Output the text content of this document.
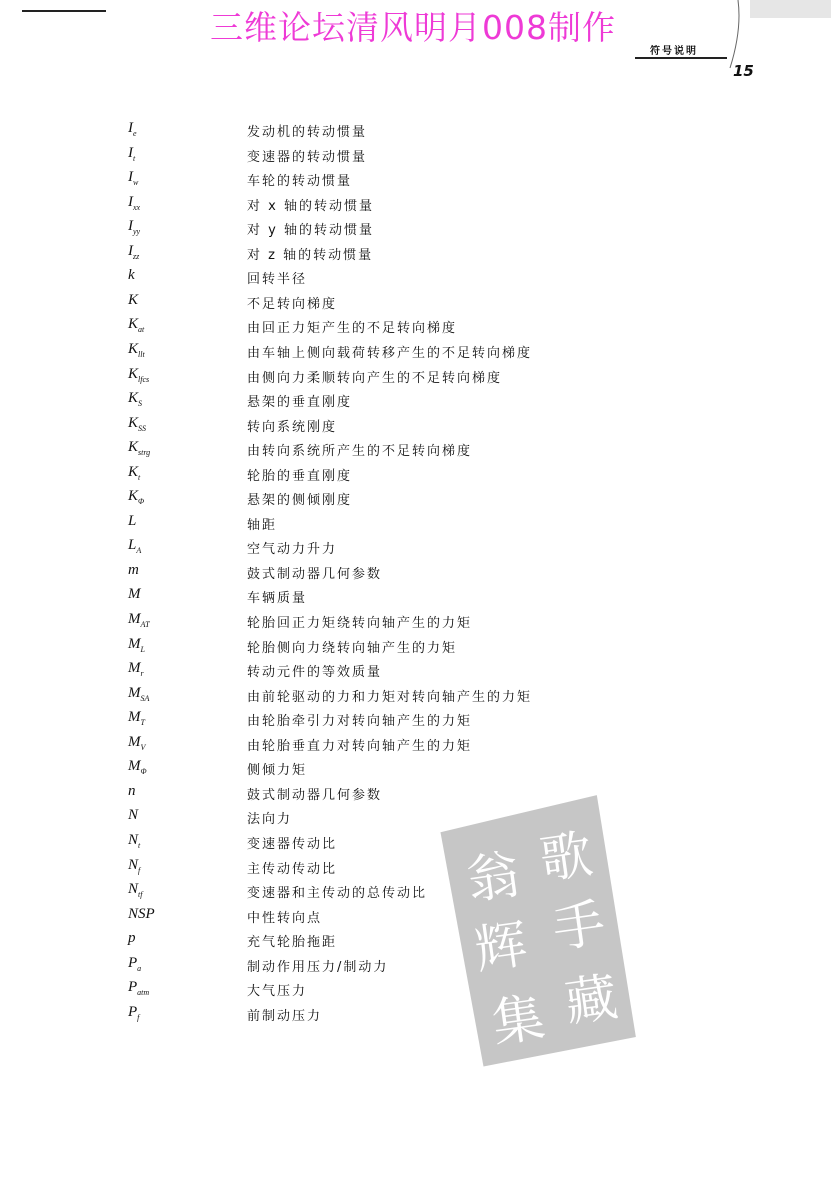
三维论坛清风明月008制作
符号说明
15
$I_e$	发动机的转动惯量
$I_t$	变速器的转动惯量
$I_w$	车轮的转动惯量
$I_{xx}$	对 x 轴的转动惯量
$I_{yy}$	对 y 轴的转动惯量
$I_{zz}$	对 z 轴的转动惯量
k	回转半径
K	不足转向梯度
$K_{at}$	由回正力矩产生的不足转向梯度
$K_{llt}$	由车轴上侧向载荷转移产生的不足转向梯度
$K_{lfcs}$	由侧向力柔顺转向产生的不足转向梯度
$K_S$	悬架的垂直刚度
$K_{SS}$	转向系统刚度
$K_{strg}$	由转向系统所产生的不足转向梯度
$K_t$	轮胎的垂直刚度
$K_\Phi$	悬架的侧倾刚度
L	轴距
$L_A$	空气动力升力
m	鼓式制动器几何参数
M	车辆质量
$M_{AT}$	轮胎回正力矩绕转向轴产生的力矩
$M_L$	轮胎侧向力绕转向轴产生的力矩
$M_r$	转动元件的等效质量
$M_{SA}$	由前轮驱动的力和力矩对转向轴产生的力矩
$M_T$	由轮胎牵引力对转向轴产生的力矩
$M_V$	由轮胎垂直力对转向轴产生的力矩
$M_\Phi$	侧倾力矩
n	鼓式制动器几何参数
N	法向力
$N_t$	变速器传动比
$N_f$	主传动传动比
$N_{tf}$	变速器和主传动的总传动比
NSP	中性转向点
p	充气轮胎拖距
$P_a$	制动作用压力/制动力
$P_{atm}$	大气压力
$P_f$	前制动压力
翁 歌
辉 手
集 藏
